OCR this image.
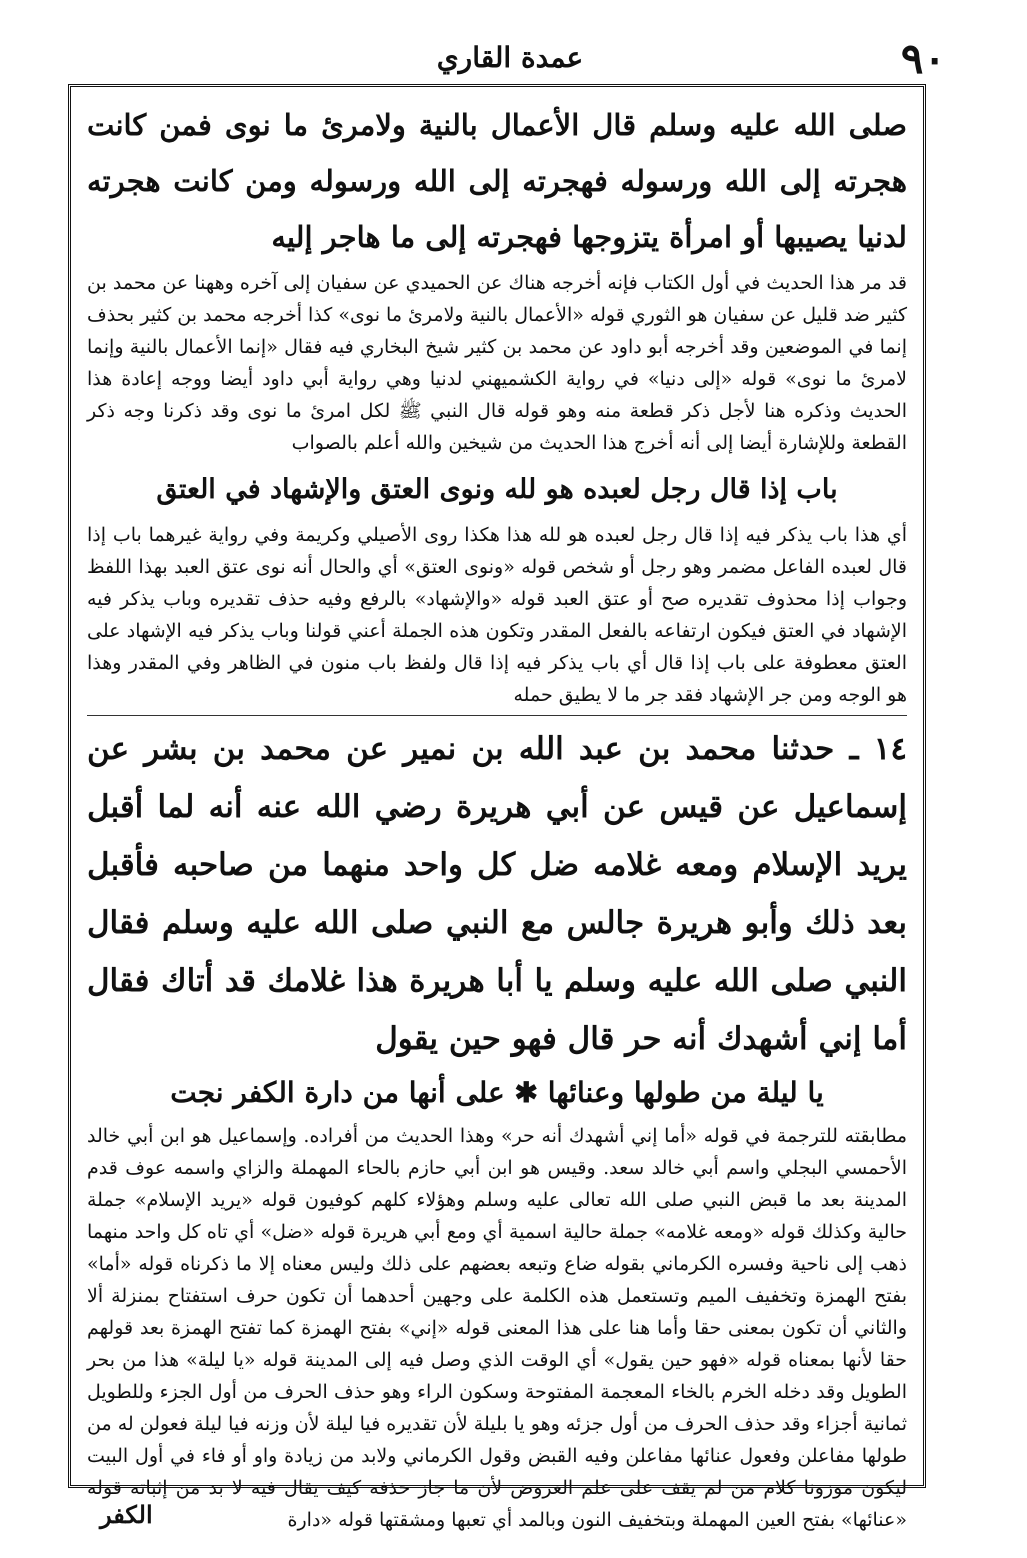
٩٠
عمدة القاري
صلى الله عليه وسلم قال الأعمال بالنية ولامرئ ما نوى فمن كانت هجرته إلى الله ورسوله فهجرته إلى الله ورسوله ومن كانت هجرته لدنيا يصيبها أو امرأة يتزوجها فهجرته إلى ما هاجر إليه
قد مر هذا الحديث في أول الكتاب فإنه أخرجه هناك عن الحميدي عن سفيان إلى آخره وههنا عن محمد بن كثير ضد قليل عن سفيان هو الثوري قوله «الأعمال بالنية ولامرئ ما نوى» كذا أخرجه محمد بن كثير بحذف إنما في الموضعين وقد أخرجه أبو داود عن محمد بن كثير شيخ البخاري فيه فقال «إنما الأعمال بالنية وإنما لامرئ ما نوى» قوله «إلى دنيا» في رواية الكشميهني لدنيا وهي رواية أبي داود أيضا ووجه إعادة هذا الحديث وذكره هنا لأجل ذكر قطعة منه وهو قوله قال النبي ﷺ لكل امرئ ما نوى وقد ذكرنا وجه ذكر القطعة وللإشارة أيضا إلى أنه أخرج هذا الحديث من شيخين والله أعلم بالصواب
باب إذا قال رجل لعبده هو لله ونوى العتق والإشهاد في العتق
أي هذا باب يذكر فيه إذا قال رجل لعبده هو لله هذا هكذا روى الأصيلي وكريمة وفي رواية غيرهما باب إذا قال لعبده الفاعل مضمر وهو رجل أو شخص قوله «ونوى العتق» أي والحال أنه نوى عتق العبد بهذا اللفظ وجواب إذا محذوف تقديره صح أو عتق العبد قوله «والإشهاد» بالرفع وفيه حذف تقديره وباب يذكر فيه الإشهاد في العتق فيكون ارتفاعه بالفعل المقدر وتكون هذه الجملة أعني قولنا وباب يذكر فيه الإشهاد على العتق معطوفة على باب إذا قال أي باب يذكر فيه إذا قال ولفظ باب منون في الظاهر وفي المقدر وهذا هو الوجه ومن جر الإشهاد فقد جر ما لا يطيق حمله
١٤ ـ حدثنا محمد بن عبد الله بن نمير عن محمد بن بشر عن إسماعيل عن قيس عن أبي هريرة رضي الله عنه أنه لما أقبل يريد الإسلام ومعه غلامه ضل كل واحد منهما من صاحبه فأقبل بعد ذلك وأبو هريرة جالس مع النبي صلى الله عليه وسلم فقال النبي صلى الله عليه وسلم يا أبا هريرة هذا غلامك قد أتاك فقال أما إني أشهدك أنه حر قال فهو حين يقول
يا ليلة من طولها وعنائها ✱ على أنها من دارة الكفر نجت
مطابقته للترجمة في قوله «أما إني أشهدك أنه حر» وهذا الحديث من أفراده. وإسماعيل هو ابن أبي خالد الأحمسي البجلي واسم أبي خالد سعد. وقيس هو ابن أبي حازم بالحاء المهملة والزاي واسمه عوف قدم المدينة بعد ما قبض النبي صلى الله تعالى عليه وسلم وهؤلاء كلهم كوفيون قوله «يريد الإسلام» جملة حالية وكذلك قوله «ومعه غلامه» جملة حالية اسمية أي ومع أبي هريرة قوله «ضل» أي تاه كل واحد منهما ذهب إلى ناحية وفسره الكرماني بقوله ضاع وتبعه بعضهم على ذلك وليس معناه إلا ما ذكرناه قوله «أما» بفتح الهمزة وتخفيف الميم وتستعمل هذه الكلمة على وجهين أحدهما أن تكون حرف استفتاح بمنزلة ألا والثاني أن تكون بمعنى حقا وأما هنا على هذا المعنى قوله «إني» بفتح الهمزة كما تفتح الهمزة بعد قولهم حقا لأنها بمعناه قوله «فهو حين يقول» أي الوقت الذي وصل فيه إلى المدينة قوله «يا ليلة» هذا من بحر الطويل وقد دخله الخرم بالخاء المعجمة المفتوحة وسكون الراء وهو حذف الحرف من أول الجزء وللطويل ثمانية أجزاء وقد حذف الحرف من أول جزئه وهو يا بليلة لأن تقديره فيا ليلة لأن وزنه فيا ليلة فعولن له من طولها مفاعلن وفعول عنائها مفاعلن وفيه القبض وقول الكرماني ولابد من زيادة واو أو فاء في أول البيت ليكون موزونا كلام من لم يقف على علم العروض لأن ما جاز حذفه كيف يقال فيه لا بد من إثباته قوله «عنائها» بفتح العين المهملة وبتخفيف النون وبالمد أي تعبها ومشقتها قوله «دارة
الكفر
